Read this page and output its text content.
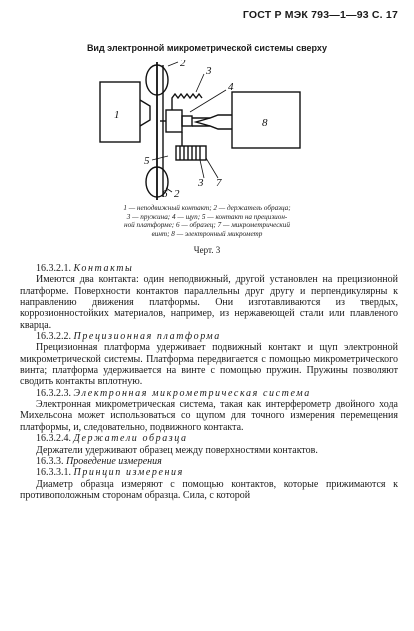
ГОСТ Р МЭК 793—1—93 С. 17
Вид электронной микрометрической системы сверху
1
2
3
4
8
5
3 7
6 2
1 — неподвижный контакт; 2 — держатель образца;
3 — пружина; 4 — щуп; 5 — контакт на прецизион-
ной платформе; 6 — образец; 7 — микрометрический
винт; 8 — электронный микрометр
Черт. 3

16.3.2.1. Контакты

Имеются два контакта: один неподвижный, другой установлен на прецизионной платформе. Поверхности контактов параллельны друг другу и перпендикулярны к направлению движения платформы. Они изготавливаются из твердых, коррозионностойких материалов, например, из нержавеющей стали или плавленого кварца.

16.3.2.2. Прецизионная платформа

Прецизионная платформа удерживает подвижный контакт и щуп электронной микрометрической системы. Платформа передвигается с помощью микрометрического винта; платформа удерживается на винте с помощью пружин. Пружины позволяют сводить контакты вплотную.

16.3.2.3. Электронная микрометрическая система

Электронная микрометрическая система, такая как интерферометр двойного хода Михельсона может использоваться со щупом для точного измерения перемещения платформы, и, следовательно, подвижного контакта.

16.3.2.4. Держатели образца

Держатели удерживают образец между поверхностями контактов.

16.3.3. Проведение измерения

16.3.3.1. Принцип измерения

Диаметр образца измеряют с помощью контактов, которые прижимаются к противоположным сторонам образца. Сила, с которой
